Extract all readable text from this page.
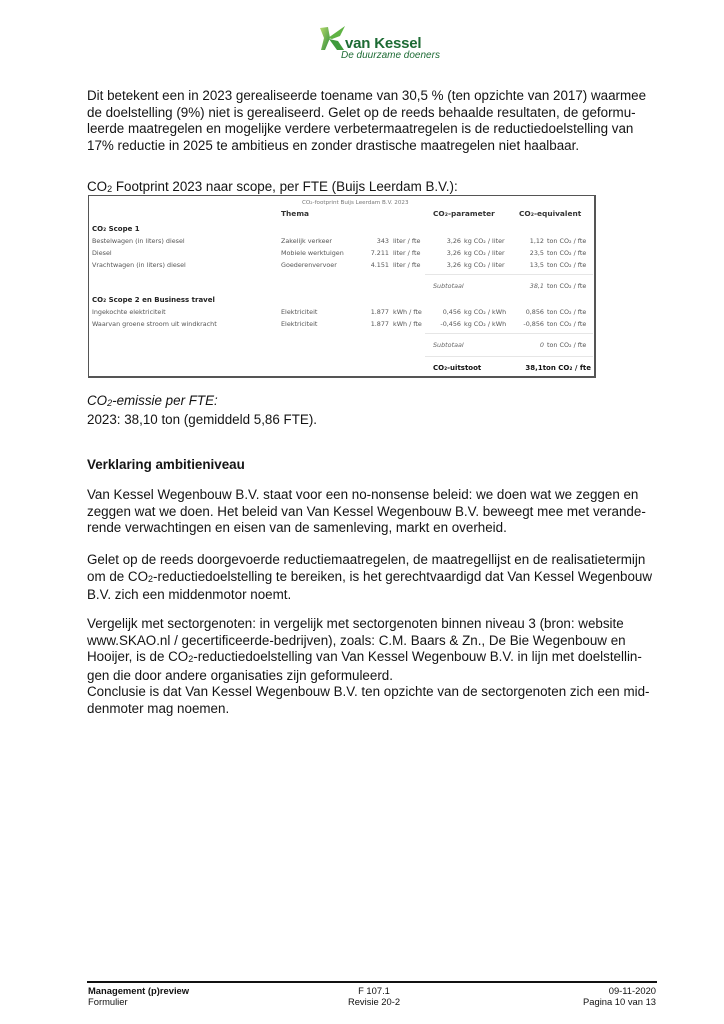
van Kessel
De duurzame doeners

Dit betekent een in 2023 gerealiseerde toename van 30,5 % (ten opzichte van 2017) waarmee de doelstelling (9%) niet is gerealiseerd. Gelet op de reeds behaalde resultaten, de geformu-leerde maatregelen en mogelijke verdere verbetermaatregelen is de reductiedoelstelling van 17% reductie in 2025 te ambitieus en zonder drastische maatregelen niet haalbaar.

CO2 Footprint 2023 naar scope, per FTE (Buijs Leerdam B.V.):
CO₂-footprint Buijs Leerdam B.V. 2023
Thema	CO₂-parameter	CO₂-equivalent
CO₂ Scope 1
Bestelwagen (in liters) diesel	Zakelijk verkeer	343 liter / fte	3,26 kg CO₂ / liter	1,12 ton CO₂ / fte
Diesel	Mobiele werktuigen	7.211 liter / fte	3,26 kg CO₂ / liter	23,5 ton CO₂ / fte
Vrachtwagen (in liters) diesel	Goederenvervoer	4.151 liter / fte	3,26 kg CO₂ / liter	13,5 ton CO₂ / fte
Subtotaal	38,1 ton CO₂ / fte
CO₂ Scope 2 en Business travel
Ingekochte elektriciteit	Elektriciteit	1.877 kWh / fte	0,456 kg CO₂ / kWh	0,856 ton CO₂ / fte
Waarvan groene stroom uit windkracht	Elektriciteit	1.877 kWh / fte	-0,456 kg CO₂ / kWh	-0,856 ton CO₂ / fte
Subtotaal	0 ton CO₂ / fte
CO₂-uitstoot	38,1ton CO₂ / fte
CO2-emissie per FTE:
2023: 38,10 ton (gemiddeld 5,86 FTE).
Verklaring ambitieniveau

Van Kessel Wegenbouw B.V. staat voor een no-nonsense beleid: we doen wat we zeggen en zeggen wat we doen. Het beleid van Van Kessel Wegenbouw B.V. beweegt mee met verande-rende verwachtingen en eisen van de samenleving, markt en overheid.

Gelet op de reeds doorgevoerde reductiemaatregelen, de maatregellijst en de realisatietermijn om de CO2-reductiedoelstelling te bereiken, is het gerechtvaardigd dat Van Kessel Wegenbouw B.V. zich een middenmotor noemt.

Vergelijk met sectorgenoten: in vergelijk met sectorgenoten binnen niveau 3 (bron: website www.SKAO.nl / gecertificeerde-bedrijven), zoals: C.M. Baars & Zn., De Bie Wegenbouw en Hooijer, is de CO2-reductiedoelstelling van Van Kessel Wegenbouw B.V. in lijn met doelstellin-gen die door andere organisaties zijn geformuleerd.
Conclusie is dat Van Kessel Wegenbouw B.V. ten opzichte van de sectorgenoten zich een mid-denmoter mag noemen.
Management (p)review
Formulier
F 107.1
Revisie 20-2
09-11-2020
Pagina 10 van 13
